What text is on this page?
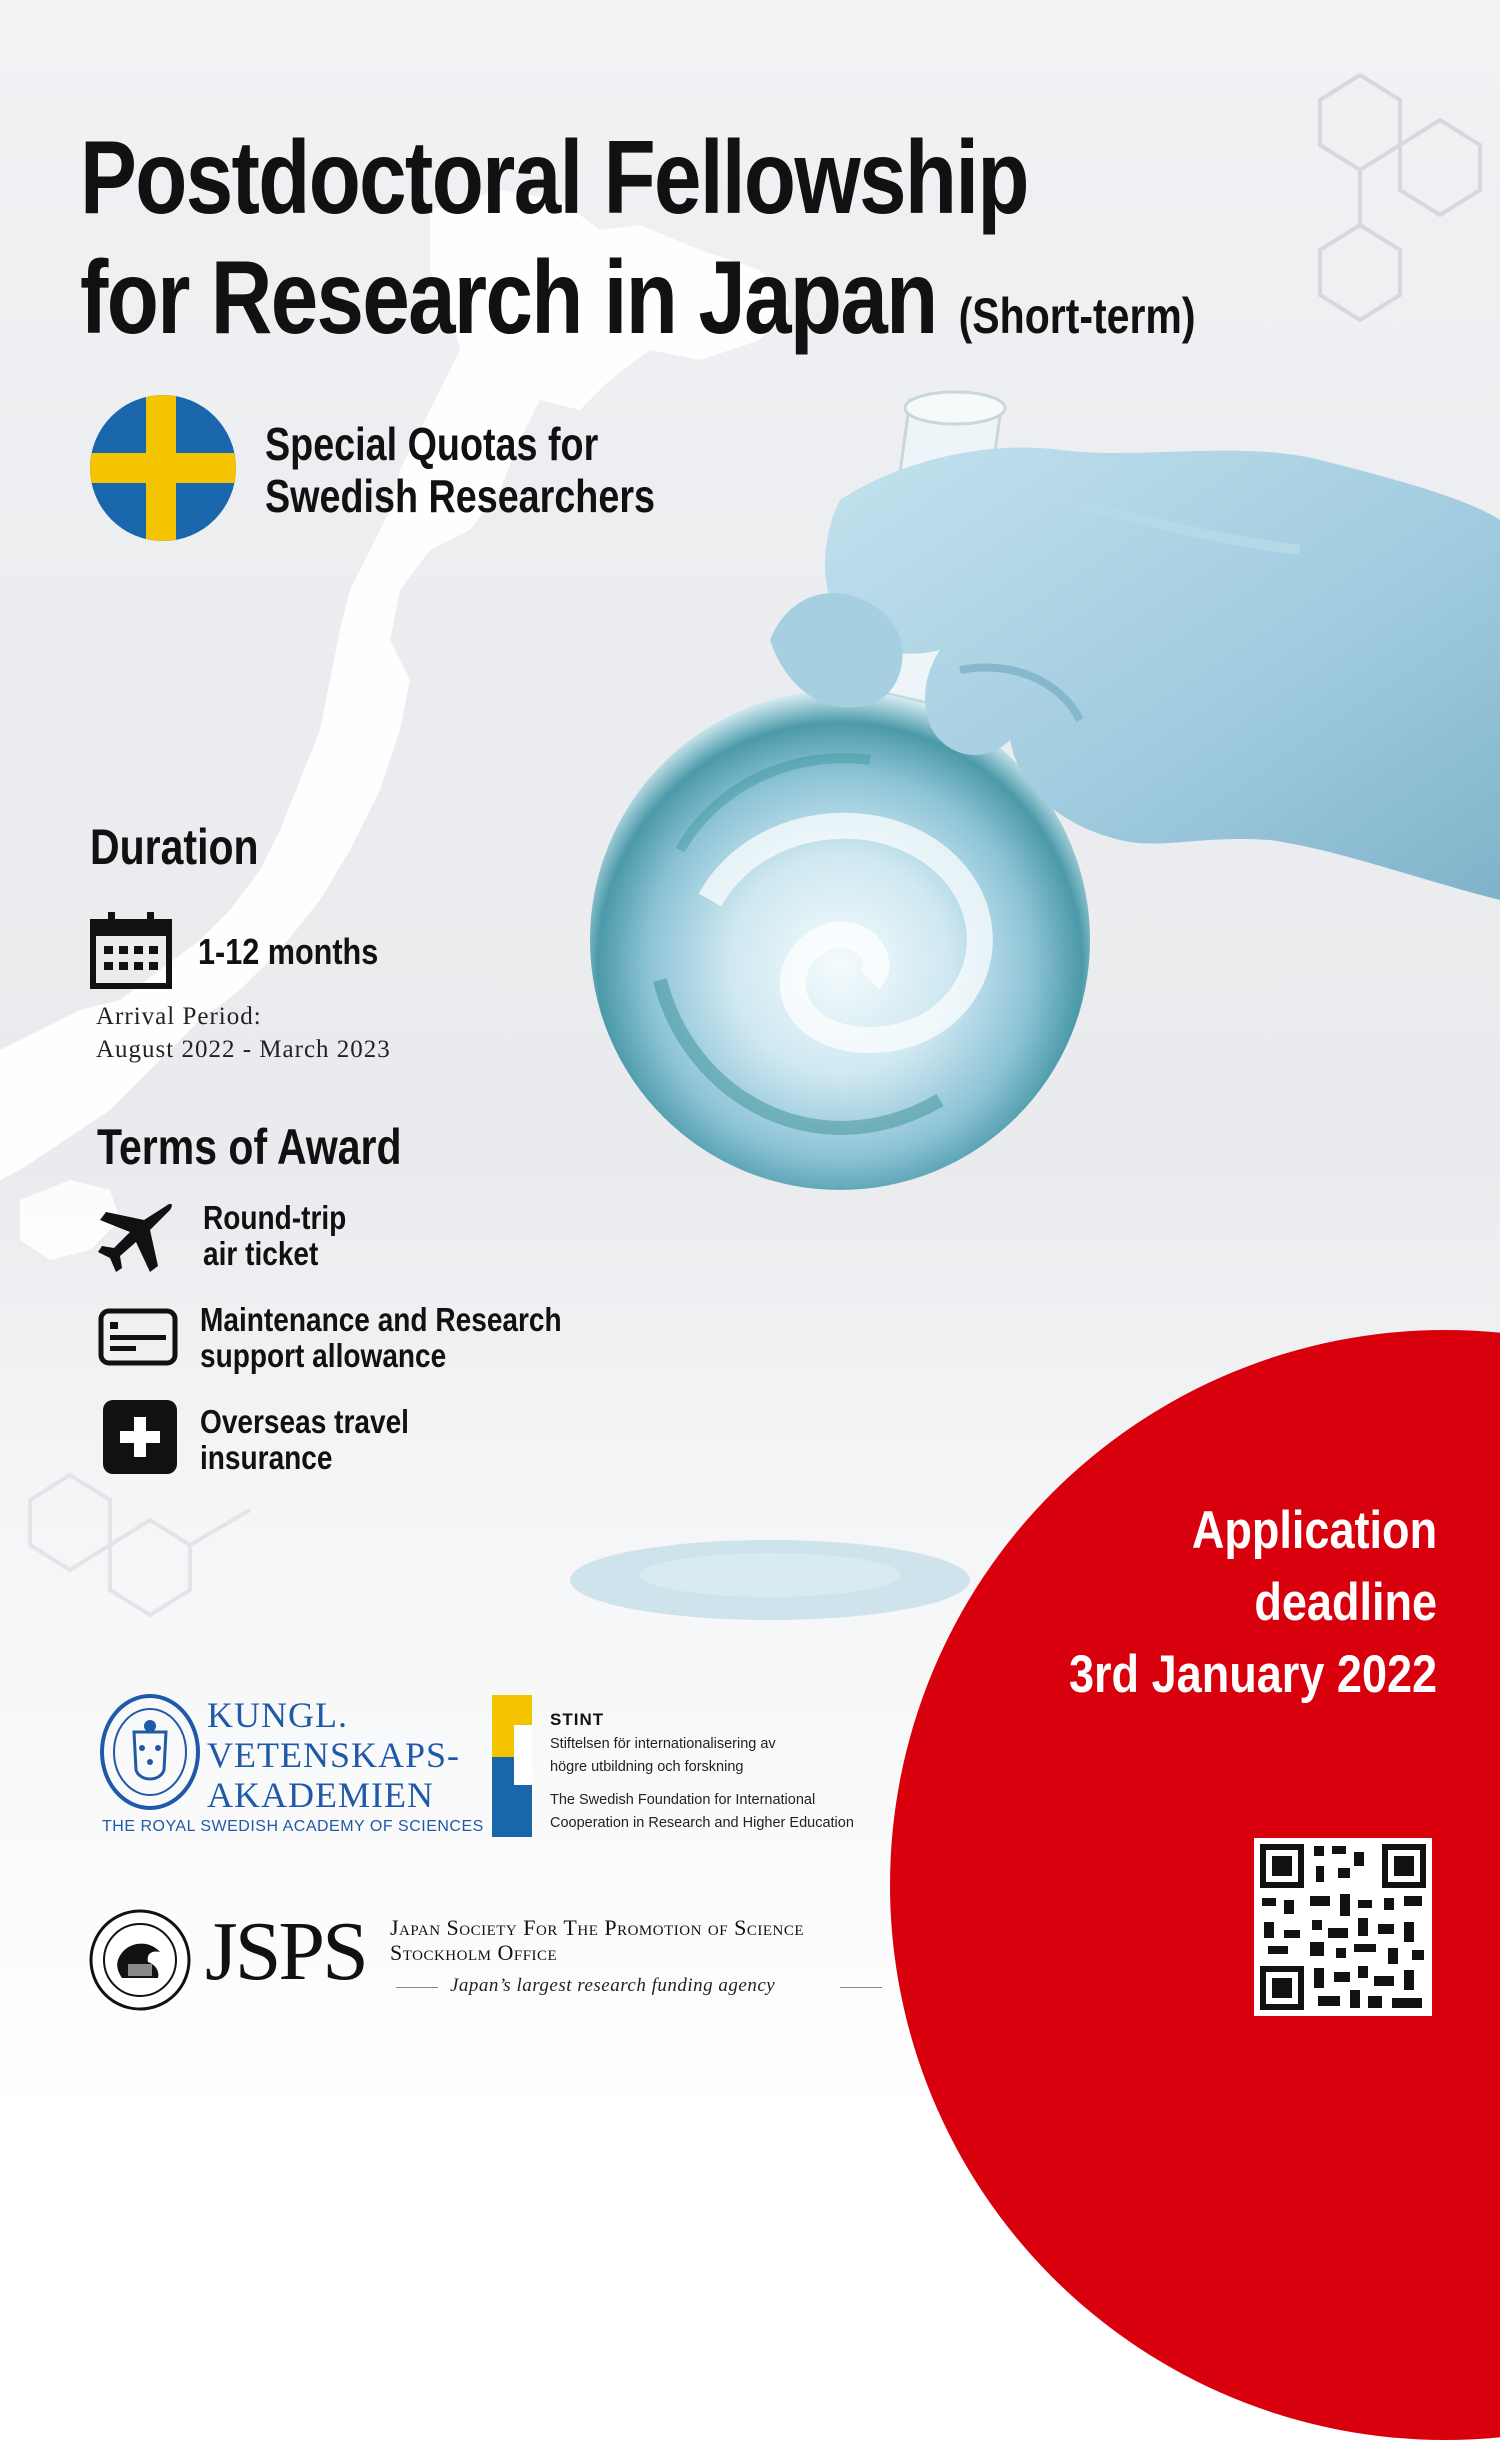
Postdoctoral Fellowship
for Research in Japan (Short-term)
Special Quotas for
Swedish Researchers
Duration
1-12 months
Arrival Period:
August 2022 - March 2023
Terms of Award
Round-trip
air ticket
Maintenance and Research
support allowance
Overseas travel
insurance
Application
deadline
3rd January 2022
KUNGL.
VETENSKAPS-
AKADEMIEN
THE ROYAL SWEDISH ACADEMY OF SCIENCES
STINT
Stiftelsen för internationalisering av
högre utbildning och forskning
The Swedish Foundation for International
Cooperation in Research and Higher Education
JSPS Japan Society For The Promotion of Science
Stockholm Office
Japan’s largest research funding agency
